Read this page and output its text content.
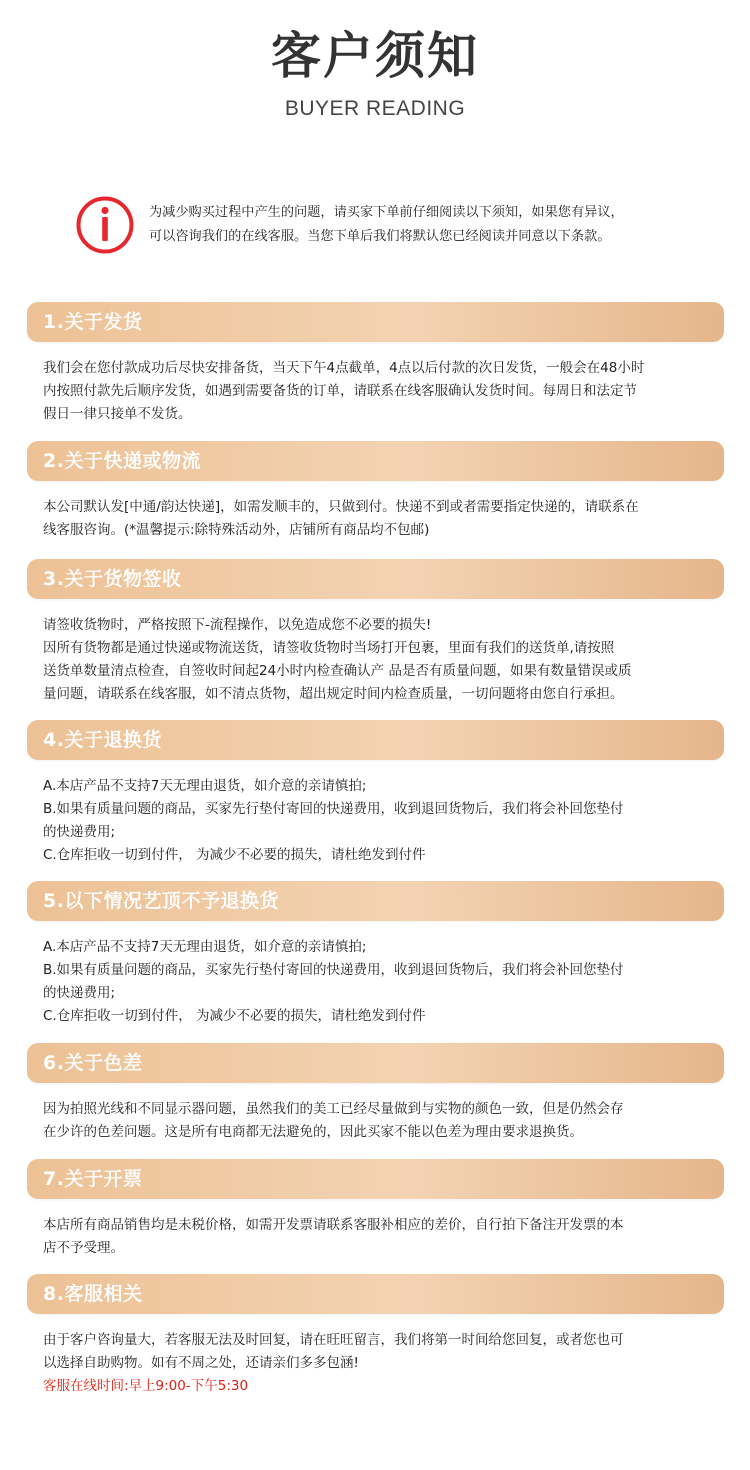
客户须知
BUYER READING
为减少购买过程中产生的问题，请买家下单前仔细阅读以下须知，如果您有异议，
可以咨询我们的在线客服。当您下单后我们将默认您已经阅读并同意以下条款。
1.关于发货

我们会在您付款成功后尽快安排备货，当天下午4点截单，4点以后付款的次日发货，一般会在48小时

内按照付款先后顺序发货，如遇到需要备货的订单，请联系在线客服确认发货时间。每周日和法定节

假日一律只接单不发货。

2.关于快递或物流

本公司默认发[中通/韵达快递]，如需发顺丰的，只做到付。快递不到或者需要指定快递的，请联系在

线客服咨询。(*温馨提示:除特殊活动外，店铺所有商品均不包邮)

3.关于货物签收

请签收货物时，严格按照下-流程操作，以免造成您不必要的损失!

因所有货物都是通过快递或物流送货，请签收货物时当场打开包裹，里面有我们的送货单,请按照

送货单数量清点检查，自签收时间起24小时内检查确认产 品是否有质量问题，如果有数量错误或质

量问题，请联系在线客服，如不清点货物，超出规定时间内检查质量，一切问题将由您自行承担。

4.关于退换货

A.本店产品不支持7天无理由退货，如介意的亲请慎拍;

B.如果有质量问题的商品，买家先行垫付寄回的快递费用，收到退回货物后，我们将会补回您垫付

的快递费用;

C.仓库拒收一切到付件， 为减少不必要的损失，请杜绝发到付件

5.以下情况艺顶不予退换货

A.本店产品不支持7天无理由退货，如介意的亲请慎拍;

B.如果有质量问题的商品，买家先行垫付寄回的快递费用，收到退回货物后，我们将会补回您垫付

的快递费用;

C.仓库拒收一切到付件， 为减少不必要的损失，请杜绝发到付件

6.关于色差

因为拍照光线和不同显示器问题，虽然我们的美工已经尽量做到与实物的颜色一致，但是仍然会存

在少许的色差问题。这是所有电商都无法避免的，因此买家不能以色差为理由要求退换货。

7.关于开票

本店所有商品销售均是未税价格，如需开发票请联系客服补相应的差价，自行拍下备注开发票的本

店不予受理。

8.客服相关

由于客户咨询量大，若客服无法及时回复，请在旺旺留言，我们将第一时间给您回复，或者您也可

以选择自助购物。如有不周之处，还请亲们多多包涵!

客服在线时间:早上9:00-下午5:30
